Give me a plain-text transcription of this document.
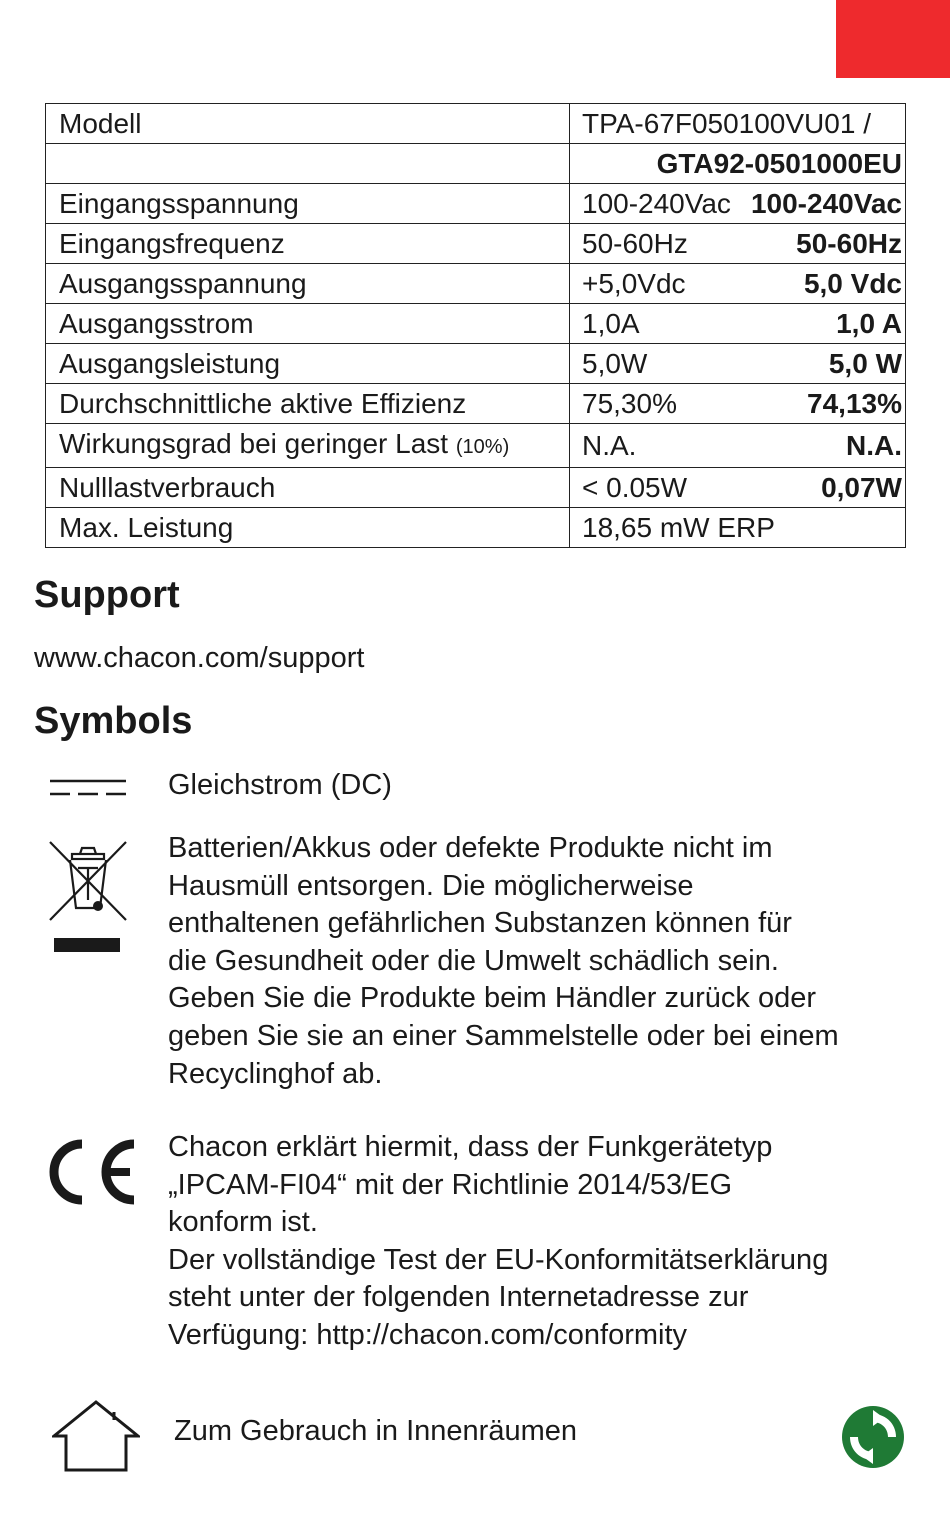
Modell	TPA-67F050100VU01 /

	GTA92-0501000EU

Eingangsspannung	100-240Vac 100-240Vac

Eingangsfrequenz	50-60Hz 50-60Hz

Ausgangsspannung	+5,0Vdc 5,0 Vdc

Ausgangsstrom	1,0A 1,0 A

Ausgangsleistung	5,0W 5,0 W

Durchschnittliche aktive Effizienz	75,30% 74,13%

Wirkungsgrad bei geringer Last (10%)	N.A. N.A.

Nulllastverbrauch	< 0.05W 0,07W

Max. Leistung	18,65 mW ERP
Support

www.chacon.com/support

Symbols

Gleichstrom (DC)

Batterien/Akkus oder defekte Produkte nicht im
Hausmüll entsorgen. Die möglicherweise
enthaltenen gefährlichen Substanzen können für
die Gesundheit oder die Umwelt schädlich sein.
Geben Sie die Produkte beim Händler zurück oder
geben Sie sie an einer Sammelstelle oder bei einem
Recyclinghof ab.
Chacon erklärt hiermit, dass der Funkgerätetyp
„IPCAM-FI04“ mit der Richtlinie 2014/53/EG
konform ist.
Der vollständige Test der EU-Konformitätserklärung
steht unter der folgenden Internetadresse zur
Verfügung: http://chacon.com/conformity

Zum Gebrauch in Innenräumen
